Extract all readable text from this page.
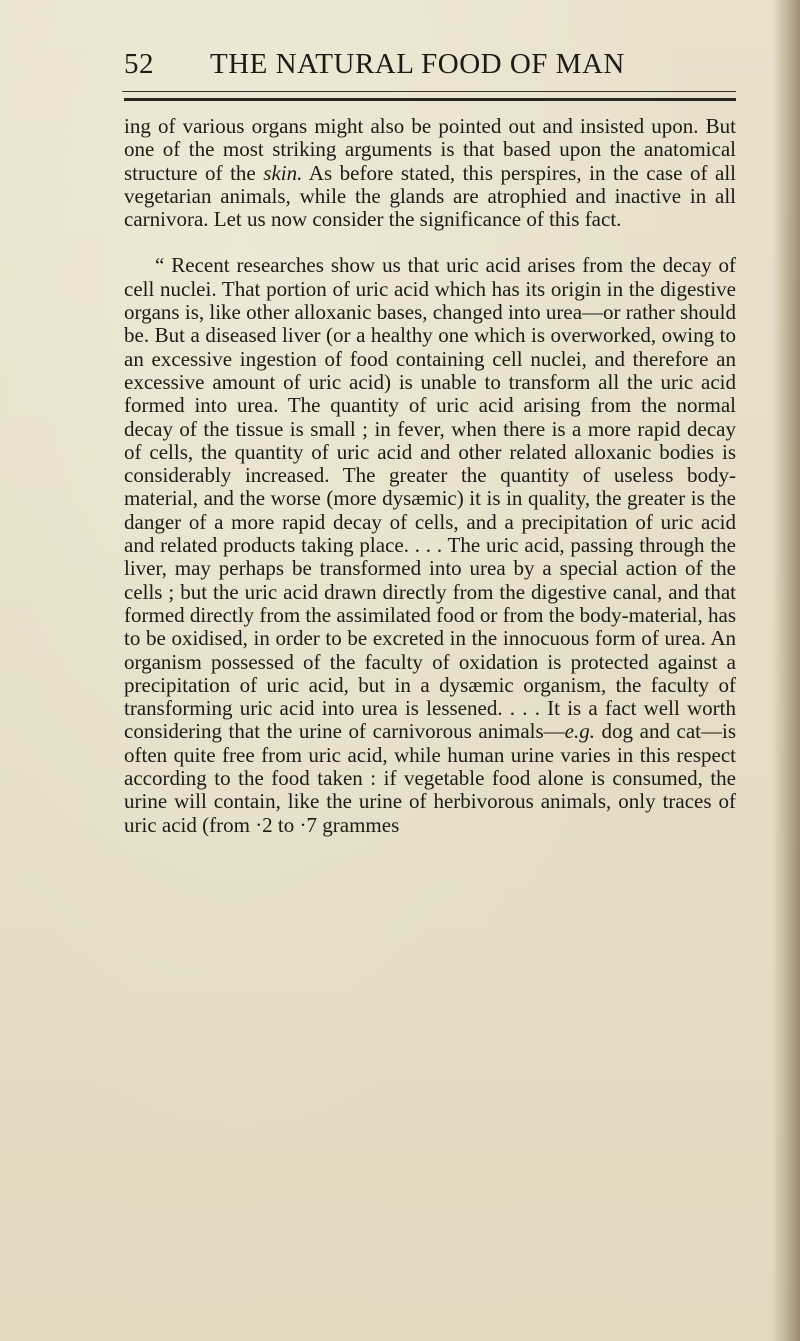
52 THE NATURAL FOOD OF MAN

ing of various organs might also be pointed out and insisted upon. But one of the most striking arguments is that based upon the anatomical structure of the skin. As before stated, this perspires, in the case of all vegetarian animals, while the glands are atrophied and inactive in all carnivora. Let us now consider the significance of this fact.

“ Recent researches show us that uric acid arises from the decay of cell nuclei. That portion of uric acid which has its origin in the digestive organs is, like other alloxanic bases, changed into urea—or rather should be. But a diseased liver (or a healthy one which is overworked, owing to an excessive ingestion of food containing cell nuclei, and therefore an excessive amount of uric acid) is unable to transform all the uric acid formed into urea. The quantity of uric acid arising from the normal decay of the tissue is small ; in fever, when there is a more rapid decay of cells, the quantity of uric acid and other related alloxanic bodies is considerably increased. The greater the quantity of useless body-material, and the worse (more dysæmic) it is in quality, the greater is the danger of a more rapid decay of cells, and a precipitation of uric acid and related products taking place. . . . The uric acid, passing through the liver, may perhaps be transformed into urea by a special action of the cells ; but the uric acid drawn directly from the digestive canal, and that formed directly from the assimilated food or from the body-material, has to be oxidised, in order to be excreted in the innocuous form of urea. An organism possessed of the faculty of oxidation is protected against a precipitation of uric acid, but in a dysæmic organism, the faculty of transforming uric acid into urea is lessened. . . . It is a fact well worth considering that the urine of carnivorous animals—e.g. dog and cat—is often quite free from uric acid, while human urine varies in this respect according to the food taken : if vegetable food alone is consumed, the urine will contain, like the urine of herbivorous animals, only traces of uric acid (from ·2 to ·7 grammes
